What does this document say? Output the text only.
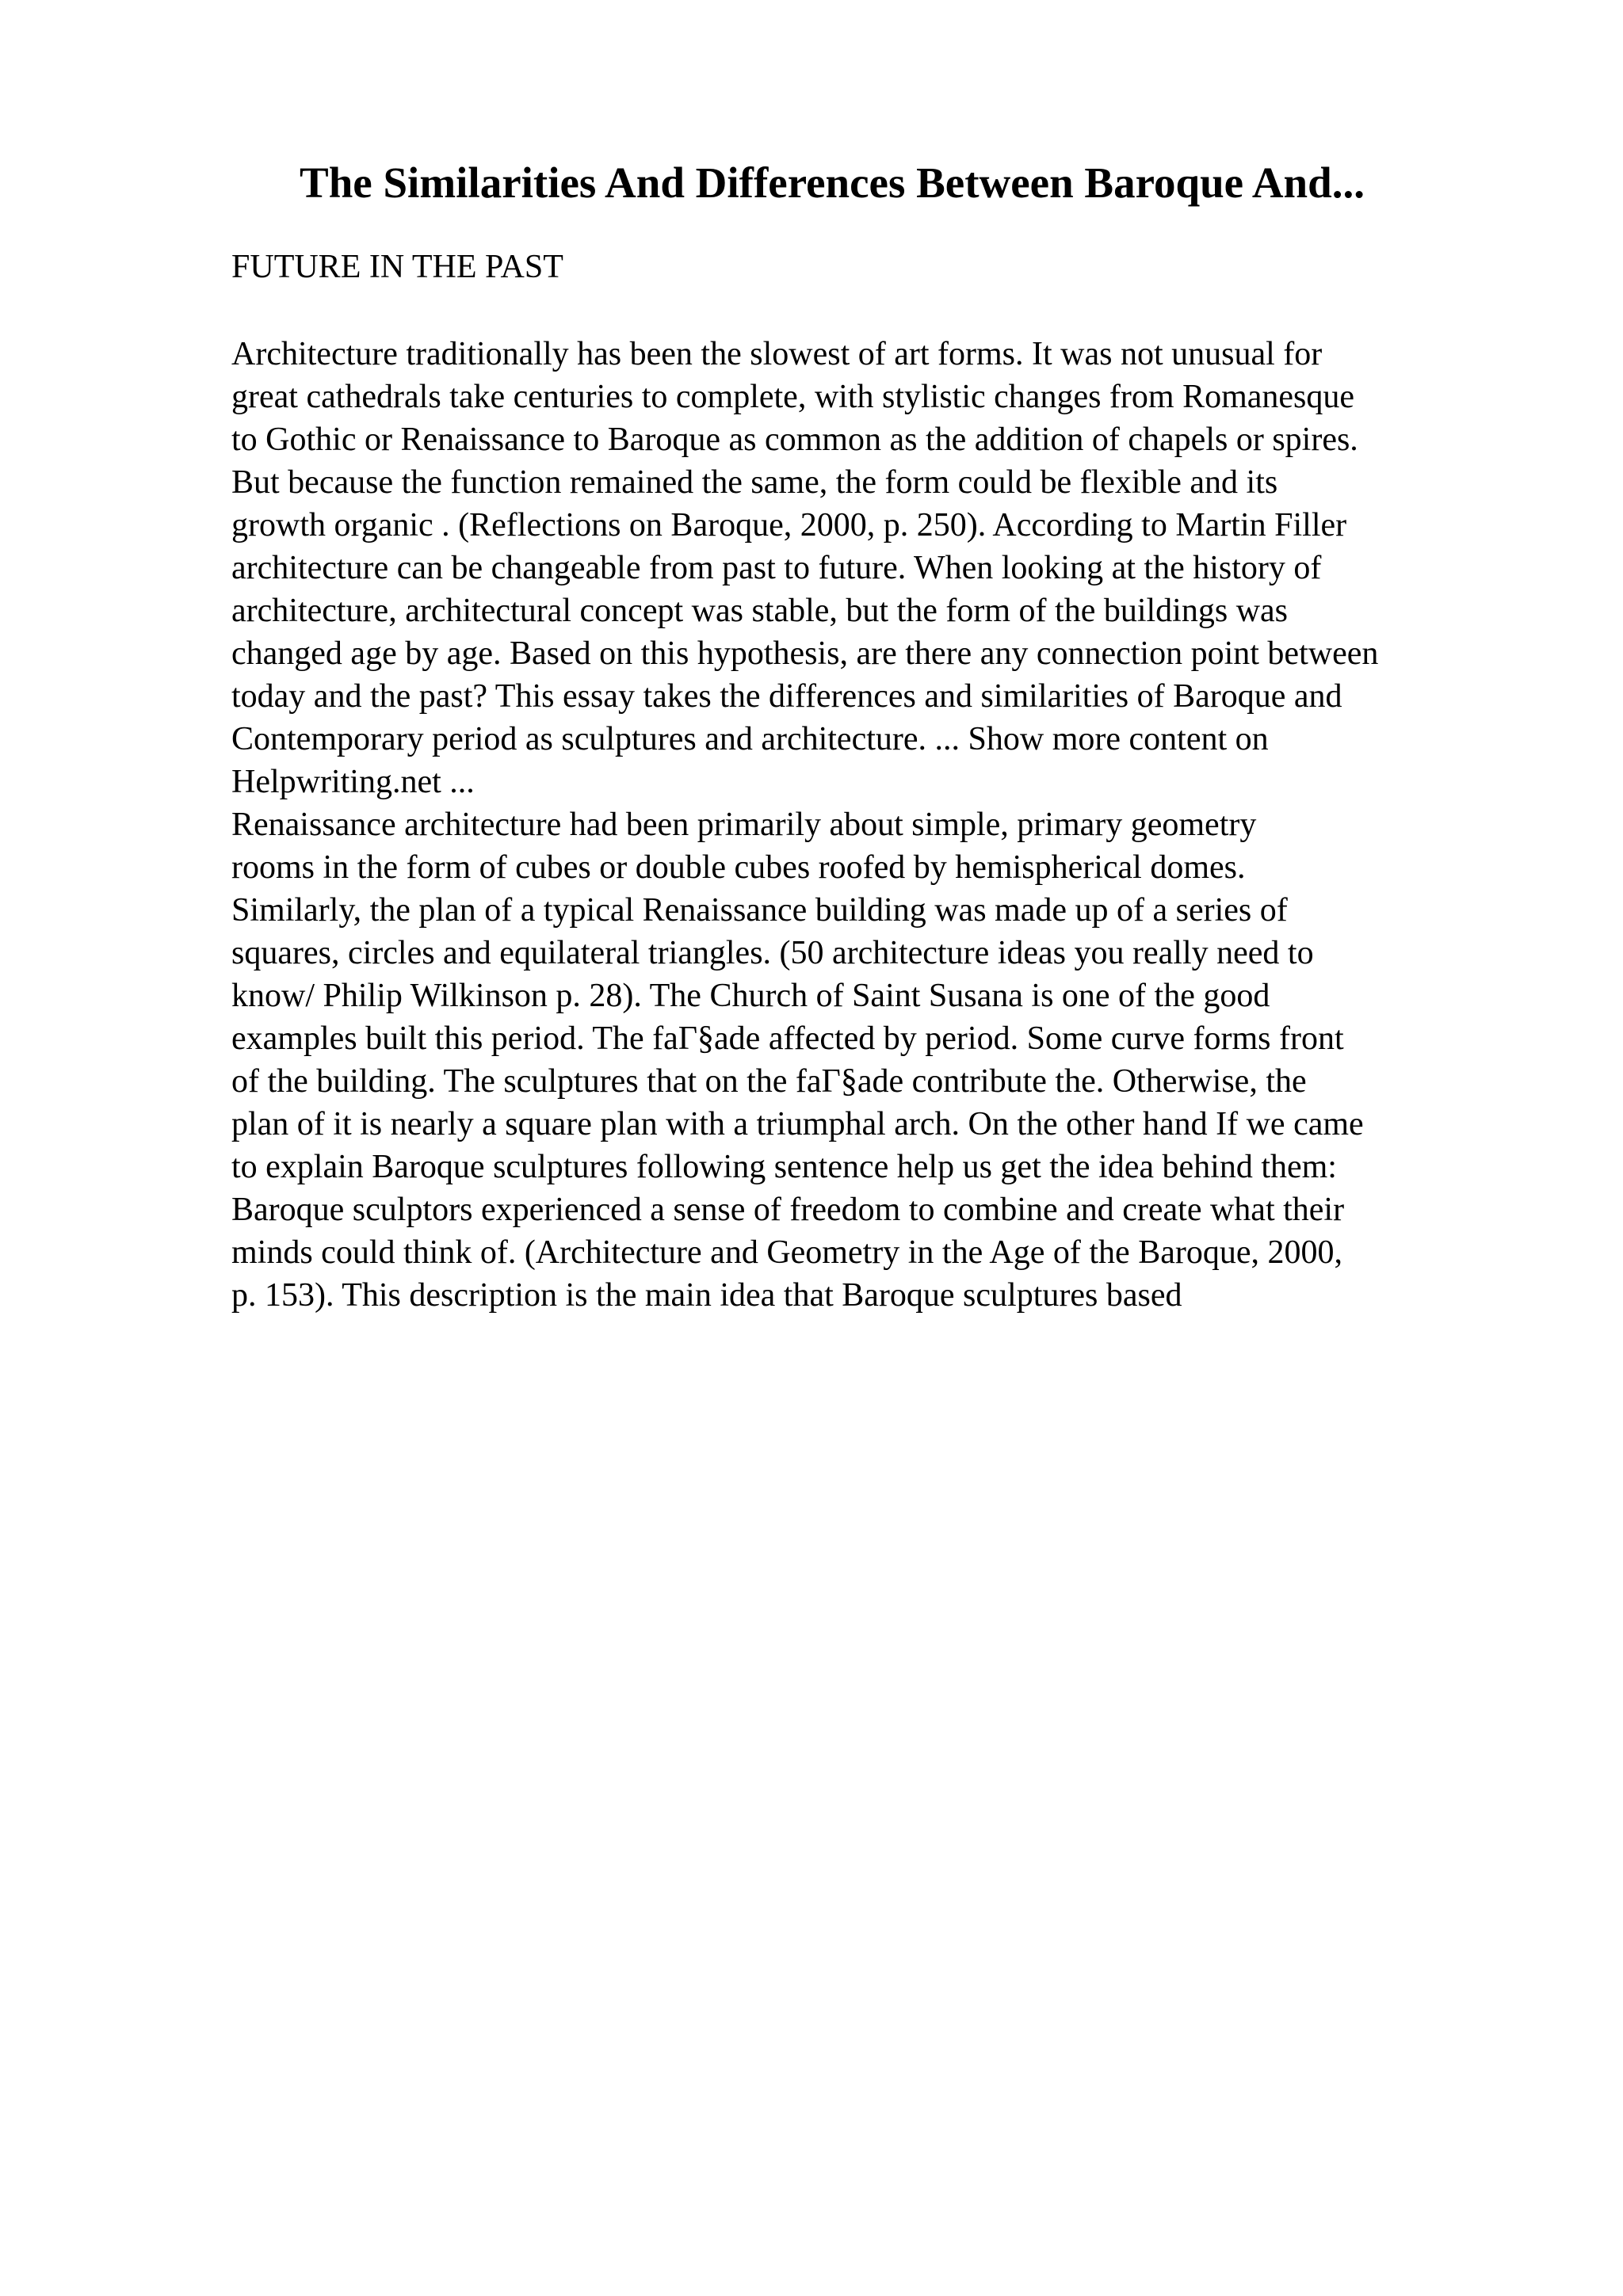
The Similarities And Differences Between Baroque And...

FUTURE IN THE PAST

Architecture traditionally has been the slowest of art forms. It was not unusual for
great cathedrals take centuries to complete, with stylistic changes from Romanesque
to Gothic or Renaissance to Baroque as common as the addition of chapels or spires.
But because the function remained the same, the form could be flexible and its
growth organic . (Reflections on Baroque, 2000, p. 250). According to Martin Filler
architecture can be changeable from past to future. When looking at the history of
architecture, architectural concept was stable, but the form of the buildings was
changed age by age. Based on this hypothesis, are there any connection point between
today and the past? This essay takes the differences and similarities of Baroque and
Contemporary period as sculptures and architecture. ... Show more content on
Helpwriting.net ...
Renaissance architecture had been primarily about simple, primary geometry
rooms in the form of cubes or double cubes roofed by hemispherical domes.
Similarly, the plan of a typical Renaissance building was made up of a series of
squares, circles and equilateral triangles. (50 architecture ideas you really need to
know/ Philip Wilkinson p. 28). The Church of Saint Susana is one of the good
examples built this period. The faΓ§ade affected by period. Some curve forms front
of the building. The sculptures that on the faΓ§ade contribute the. Otherwise, the
plan of it is nearly a square plan with a triumphal arch. On the other hand If we came
to explain Baroque sculptures following sentence help us get the idea behind them:
Baroque sculptors experienced a sense of freedom to combine and create what their
minds could think of. (Architecture and Geometry in the Age of the Baroque, 2000,
p. 153). This description is the main idea that Baroque sculptures based
